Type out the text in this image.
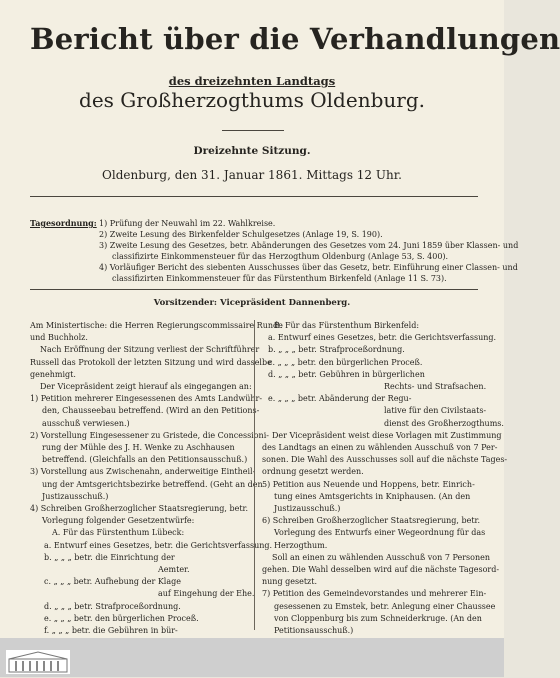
Bericht über die Verhandlungen
des dreizehnten Landtags
des Großherzogthums Oldenburg.
Dreizehnte Sitzung.
Oldenburg, den 31. Januar 1861. Mittags 12 Uhr.
Tagesordnung: 1) Prüfung der Neuwahl im 22. Wahlkreise.
2) Zweite Lesung des Birkenfelder Schulgesetzes (Anlage 19, S. 190).
3) Zweite Lesung des Gesetzes, betr. Abänderungen des Gesetzes vom 24. Juni 1859 über Klassen- und
classifizirte Einkommensteuer für das Herzogthum Oldenburg (Anlage 53, S. 400).
4) Vorläufiger Bericht des siebenten Ausschusses über das Gesetz, betr. Einführung einer Classen- und
classifizirten Einkommensteuer für das Fürstenthum Birkenfeld (Anlage 11 S. 73).
Vorsitzender: Vicepräsident Dannenberg.
Am Ministertische: die Herren Regierungscommissaire Runde
und Buchholz.
Nach Eröffnung der Sitzung verliest der Schriftführer
Russell das Protokoll der letzten Sitzung und wird dasselbe
genehmigt.
Der Vicepräsident zeigt hierauf als eingegangen an:
1) Petition mehrerer Eingesessenen des Amts Landwühr-
den, Chausseebau betreffend. (Wird an den Petitions-
ausschuß verwiesen.)
2) Vorstellung Eingesessener zu Gristede, die Concessioni-
rung der Mühle des J. H. Wenke zu Aschhausen
betreffend. (Gleichfalls an den Petitionsausschuß.)
3) Vorstellung aus Zwischenahn, anderweitige Eintheil-
ung der Amtsgerichtsbezirke betreffend. (Geht an den
Justizausschuß.)
4) Schreiben Großherzoglicher Staatsregierung, betr.
Vorlegung folgender Gesetzentwürfe:
A. Für das Fürstenthum Lübeck:
a. Entwurf eines Gesetzes, betr. die Gerichtsverfassung.
b. „ „ „ betr. die Einrichtung der
Aemter.
c. „ „ „ betr. Aufhebung der Klage
auf Eingehung der Ehe.
d. „ „ „ betr. Strafproceßordnung.
e. „ „ „ betr. den bürgerlichen Proceß.
f. „ „ „ betr. die Gebühren in bür-
B. Für das Fürstenthum Birkenfeld:
a. Entwurf eines Gesetzes, betr. die Gerichtsverfassung.
b. „ „ „ betr. Strafproceßordnung.
c. „ „ „ betr. den bürgerlichen Proceß.
d. „ „ „ betr. Gebühren in bürgerlichen
Rechts- und Strafsachen.
e. „ „ „ betr. Abänderung der Regu-
lative für den Civilstaats-
dienst des Großherzogthums.
Der Vicepräsident weist diese Vorlagen mit Zustimmung
des Landtags an einen zu wählenden Ausschuß von 7 Per-
sonen. Die Wahl des Ausschusses soll auf die nächste Tages-
ordnung gesetzt werden.
5) Petition aus Neuende und Hoppens, betr. Einrich-
tung eines Amtsgerichts in Kniphausen. (An den
Justizausschuß.)
6) Schreiben Großherzoglicher Staatsregierung, betr.
Vorlegung des Entwurfs einer Wegeordnung für das
Herzogthum.
Soll an einen zu wählenden Ausschuß von 7 Personen
gehen. Die Wahl desselben wird auf die nächste Tagesord-
nung gesetzt.
7) Petition des Gemeindevorstandes und mehrerer Ein-
gesessenen zu Emstek, betr. Anlegung einer Chaussee
von Cloppenburg bis zum Schneiderkruge. (An den
Petitionsausschuß.)
